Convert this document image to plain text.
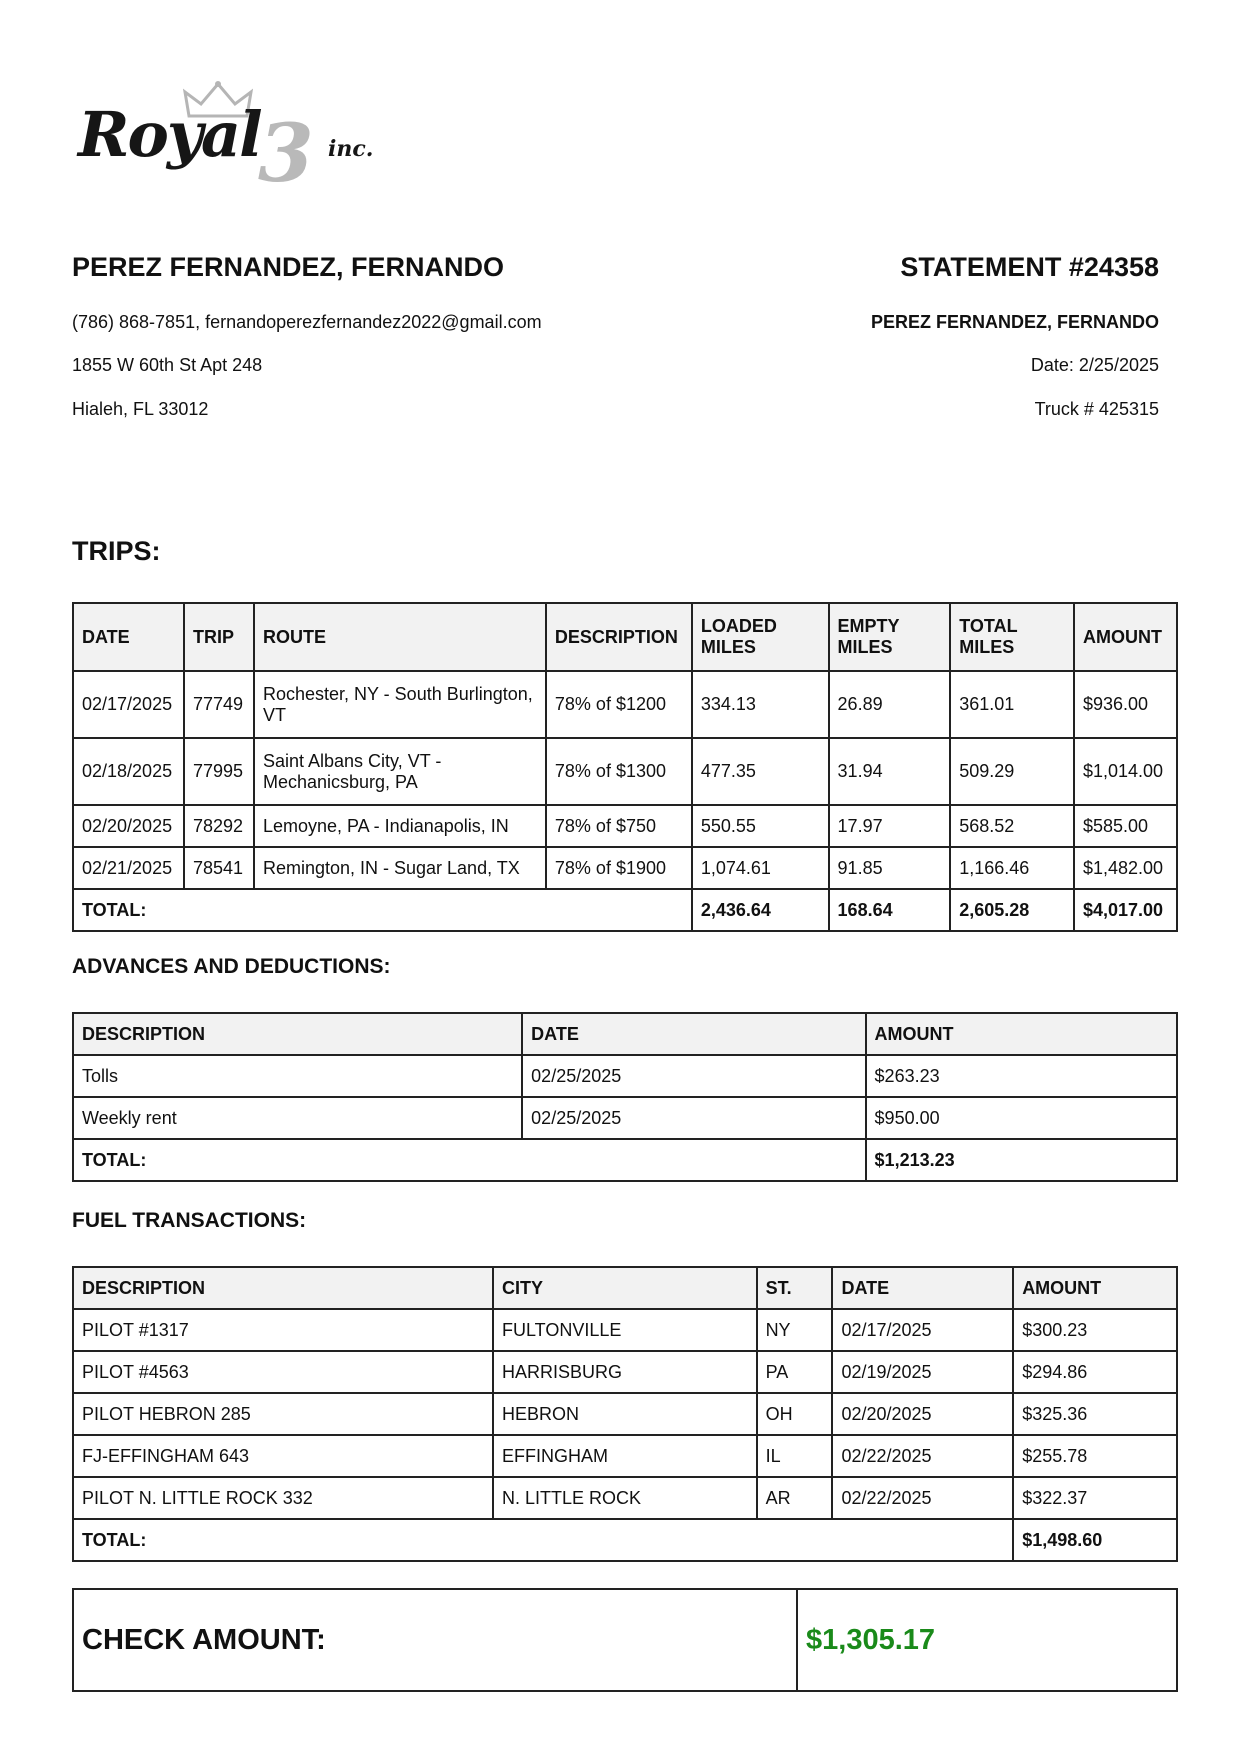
3
Royal	inc.
PEREZ FERNANDEZ, FERNANDO	STATEMENT #24358
(786) 868-7851, fernandoperezfernandez2022@gmail.com	PEREZ FERNANDEZ, FERNANDO
1855 W 60th St Apt 248	Date: 2/25/2025
Hialeh, FL 33012	Truck # 425315
TRIPS:
DATE	TRIP	ROUTE	DESCRIPTION	LOADED MILES	EMPTY MILES	TOTAL MILES	AMOUNT
02/17/2025	77749	Rochester, NY - South Burlington, VT	78% of $1200	334.13	26.89	361.01	$936.00
02/18/2025	77995	Saint Albans City, VT - Mechanicsburg, PA	78% of $1300	477.35	31.94	509.29	$1,014.00
02/20/2025	78292	Lemoyne, PA - Indianapolis, IN	78% of $750	550.55	17.97	568.52	$585.00
02/21/2025	78541	Remington, IN - Sugar Land, TX	78% of $1900	1,074.61	91.85	1,166.46	$1,482.00
TOTAL:				2,436.64	168.64	2,605.28	$4,017.00
ADVANCES AND DEDUCTIONS:
DESCRIPTION	DATE	AMOUNT
Tolls	02/25/2025	$263.23
Weekly rent	02/25/2025	$950.00
TOTAL:		$1,213.23
FUEL TRANSACTIONS:
DESCRIPTION	CITY	ST.	DATE	AMOUNT
PILOT #1317	FULTONVILLE	NY	02/17/2025	$300.23
PILOT #4563	HARRISBURG	PA	02/19/2025	$294.86
PILOT HEBRON 285	HEBRON	OH	02/20/2025	$325.36
FJ-EFFINGHAM 643	EFFINGHAM	IL	02/22/2025	$255.78
PILOT N. LITTLE ROCK 332	N. LITTLE ROCK	AR	02/22/2025	$322.37
TOTAL:				$1,498.60
CHECK AMOUNT:	$1,305.17
